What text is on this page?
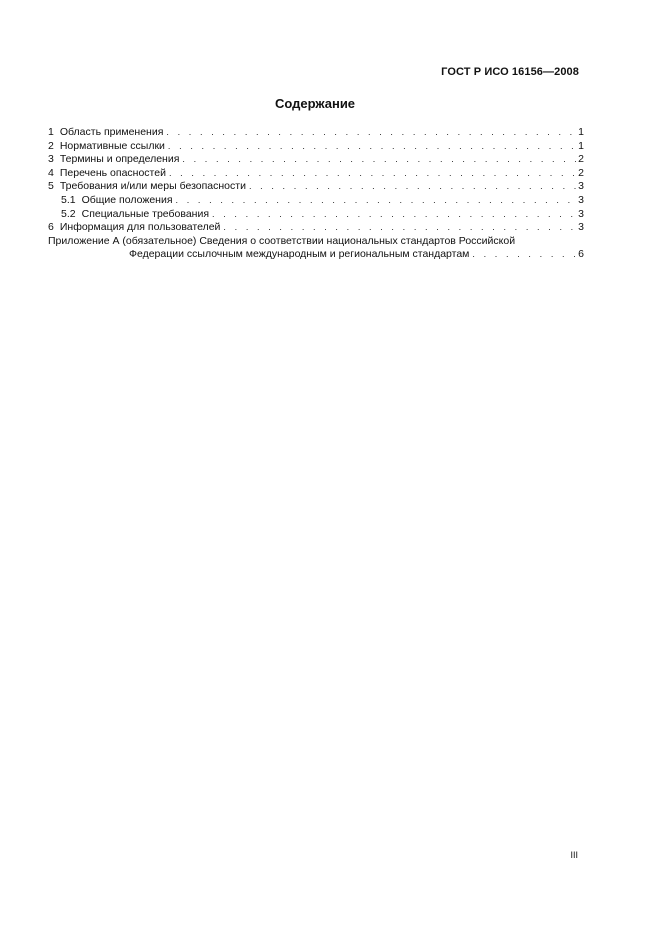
ГОСТ Р ИСО 16156—2008
Содержание
1 Область применения . . .	1
2 Нормативные ссылки . . .	1
3 Термины и определения . . .	2
4 Перечень опасностей . . .	2
5 Требования и/или меры безопасности . . .	3
5.1 Общие положения . . .	3
5.2 Специальные требования . . .	3
6 Информация для пользователей . . .	3
Приложение А (обязательное) Сведения о соответствии национальных стандартов Российской
Федерации ссылочным международным и региональным стандартам . . .	6
III
